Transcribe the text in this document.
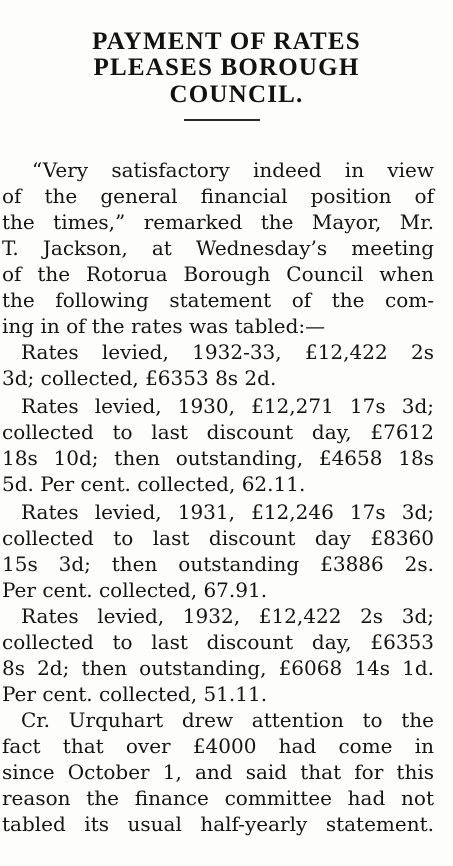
PAYMENT OF RATES
PLEASES BOROUGH
COUNCIL.
“Very satisfactory indeed in view
of the general financial position of
the times,” remarked the Mayor, Mr.
T. Jackson, at Wednesday’s meeting
of the Rotorua Borough Council when
the following statement of the com-
ing in of the rates was tabled:—
Rates levied, 1932-33, £12,422 2s
3d; collected, £6353 8s 2d.
Rates levied, 1930, £12,271 17s 3d;
collected to last discount day, £7612
18s 10d; then outstanding, £4658 18s
5d. Per cent. collected, 62.11.
Rates levied, 1931, £12,246 17s 3d;
collected to last discount day £8360
15s 3d; then outstanding £3886 2s.
Per cent. collected, 67.91.
Rates levied, 1932, £12,422 2s 3d;
collected to last discount day, £6353
8s 2d; then outstanding, £6068 14s 1d.
Per cent. collected, 51.11.
Cr. Urquhart drew attention to the
fact that over £4000 had come in
since October 1, and said that for this
reason the finance committee had not
tabled its usual half-yearly statement.
